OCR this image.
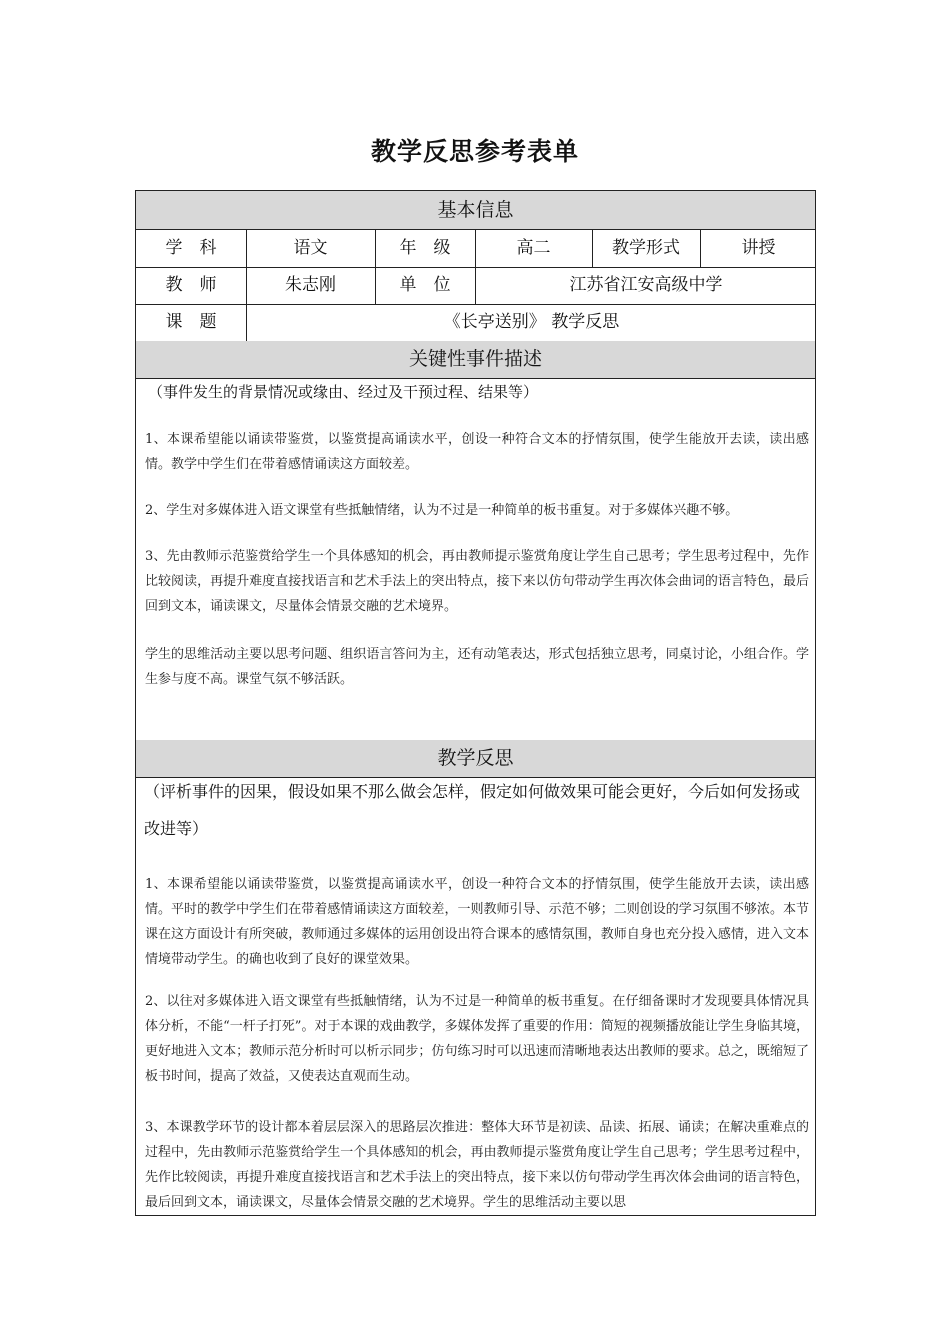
教学反思参考表单
基本信息
学　科	语文	年　级	高二	教学形式	讲授
教　师	朱志刚	单　位	江苏省江安高级中学
课　题	《长亭送别》 教学反思
关键性事件描述
（事件发生的背景情况或缘由、经过及干预过程、结果等）
1、本课希望能以诵读带鉴赏，以鉴赏提高诵读水平，创设一种符合文本的抒情氛围，使学生能放开去读，读出感情。教学中学生们在带着感情诵读这方面较差。
2、学生对多媒体进入语文课堂有些抵触情绪，认为不过是一种简单的板书重复。对于多媒体兴趣不够。
3、先由教师示范鉴赏给学生一个具体感知的机会，再由教师提示鉴赏角度让学生自己思考；学生思考过程中，先作比较阅读，再提升难度直接找语言和艺术手法上的突出特点，接下来以仿句带动学生再次体会曲词的语言特色，最后回到文本，诵读课文，尽量体会情景交融的艺术境界。
学生的思维活动主要以思考问题、组织语言答问为主，还有动笔表达，形式包括独立思考，同桌讨论，小组合作。学生参与度不高。课堂气氛不够活跃。
教学反思
（评析事件的因果，假设如果不那么做会怎样，假定如何做效果可能会更好，今后如何发扬或改进等）
1、本课希望能以诵读带鉴赏，以鉴赏提高诵读水平，创设一种符合文本的抒情氛围，使学生能放开去读，读出感情。平时的教学中学生们在带着感情诵读这方面较差，一则教师引导、示范不够；二则创设的学习氛围不够浓。本节课在这方面设计有所突破，教师通过多媒体的运用创设出符合课本的感情氛围，教师自身也充分投入感情，进入文本情境带动学生。的确也收到了良好的课堂效果。
2、以往对多媒体进入语文课堂有些抵触情绪，认为不过是一种简单的板书重复。在仔细备课时才发现要具体情况具体分析，不能“一杆子打死”。对于本课的戏曲教学，多媒体发挥了重要的作用：简短的视频播放能让学生身临其境，更好地进入文本；教师示范分析时可以析示同步；仿句练习时可以迅速而清晰地表达出教师的要求。总之，既缩短了板书时间，提高了效益，又使表达直观而生动。
3、本课教学环节的设计都本着层层深入的思路层次推进：整体大环节是初读、品读、拓展、诵读；在解决重难点的过程中，先由教师示范鉴赏给学生一个具体感知的机会，再由教师提示鉴赏角度让学生自己思考；学生思考过程中，先作比较阅读，再提升难度直接找语言和艺术手法上的突出特点，接下来以仿句带动学生再次体会曲词的语言特色，最后回到文本，诵读课文，尽量体会情景交融的艺术境界。学生的思维活动主要以思
